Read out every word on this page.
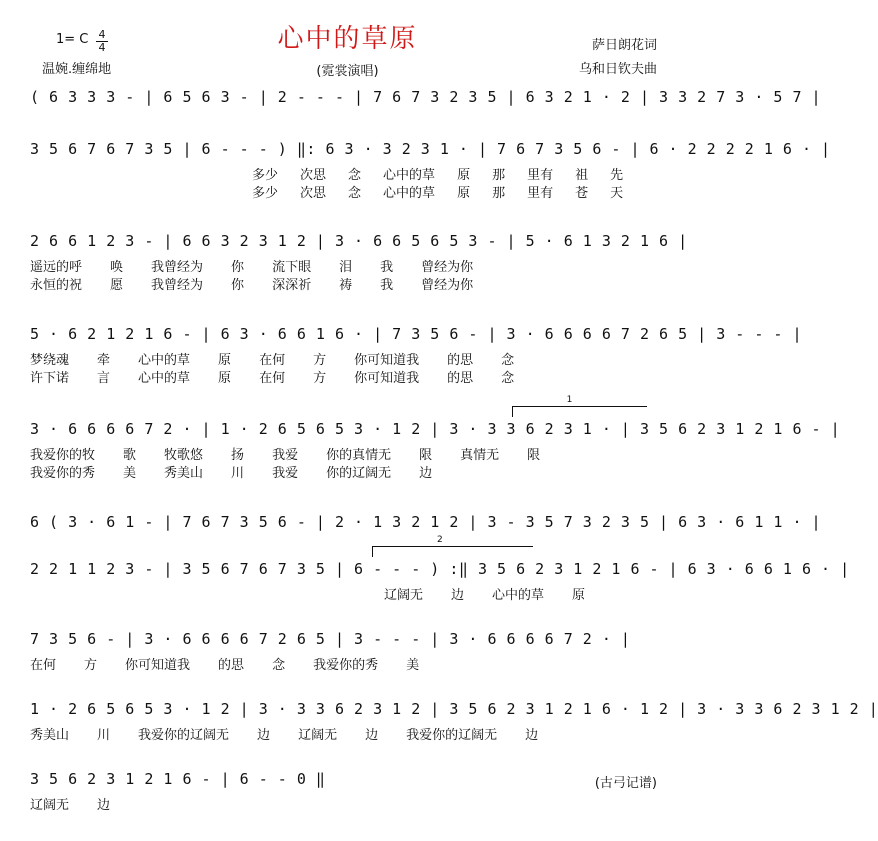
心中的草原
(霓裳演唱)
1= C 4
4
温婉.缠绵地
萨日朗花词
乌和日钦夫曲
( 6 3 3 3 - | 6 5 6 3 - | 2 - - - | 7 6 7 3 2 3 5 | 6 3 2 1 · 2 | 3 3 2 7 3 · 5 7 |
3 5 6 7 6 7 3 5 | 6 - - - ) ‖: 6 3 · 3 2 3 1 · | 7 6 7 3 5 6 - | 6 · 2 2 2 2 1 6 · |
多少 次思 念 心中的草 原 那 里有 祖 先
多少 次思 念 心中的草 原 那 里有 苍 天
2 6 6 1 2 3 - | 6 6 3 2 3 1 2 | 3 · 6 6 5 6 5 3 - | 5 · 6 1 3 2 1 6 |
遥远的呼 唤 我曾经为 你 流下眼 泪 我 曾经为你
永恒的祝 愿 我曾经为 你 深深祈 祷 我 曾经为你
5 · 6 2 1 2 1 6 - | 6 3 · 6 6 1 6 · | 7 3 5 6 - | 3 · 6 6 6 6 7 2 6 5 | 3 - - - |
梦绕魂 牵 心中的草 原 在何 方 你可知道我 的思 念
许下诺 言 心中的草 原 在何 方 你可知道我 的思 念
3 · 6 6 6 6 7 2 · | 1 · 2 6 5 6 5 3 · 1 2 | 3 · 3 3 6 2 3 1 · | 3 5 6 2 3 1 2 1 6 - |
1
我爱你的牧 歌 牧歌悠 扬 我爱 你的真情无 限 真情无 限
我爱你的秀 美 秀美山 川 我爱 你的辽阔无 边
6 ( 3 · 6 1 - | 7 6 7 3 5 6 - | 2 · 1 3 2 1 2 | 3 - 3 5 7 3 2 3 5 | 6 3 · 6 1 1 · |
2 2 1 1 2 3 - | 3 5 6 7 6 7 3 5 | 6 - - - ) :‖ 3 5 6 2 3 1 2 1 6 - | 6 3 · 6 6 1 6 · |
2
辽阔无 边 心中的草 原
7 3 5 6 - | 3 · 6 6 6 6 7 2 6 5 | 3 - - - | 3 · 6 6 6 6 7 2 · |
在何 方 你可知道我 的思 念 我爱你的秀 美
1 · 2 6 5 6 5 3 · 1 2 | 3 · 3 3 6 2 3 1 2 | 3 5 6 2 3 1 2 1 6 · 1 2 | 3 · 3 3 6 2 3 1 2 |
秀美山 川 我爱你的辽阔无 边 辽阔无 边 我爱你的辽阔无 边
3 5 6 2 3 1 2 1 6 - | 6 - - 0 ‖
辽阔无 边
(古弓记谱)
